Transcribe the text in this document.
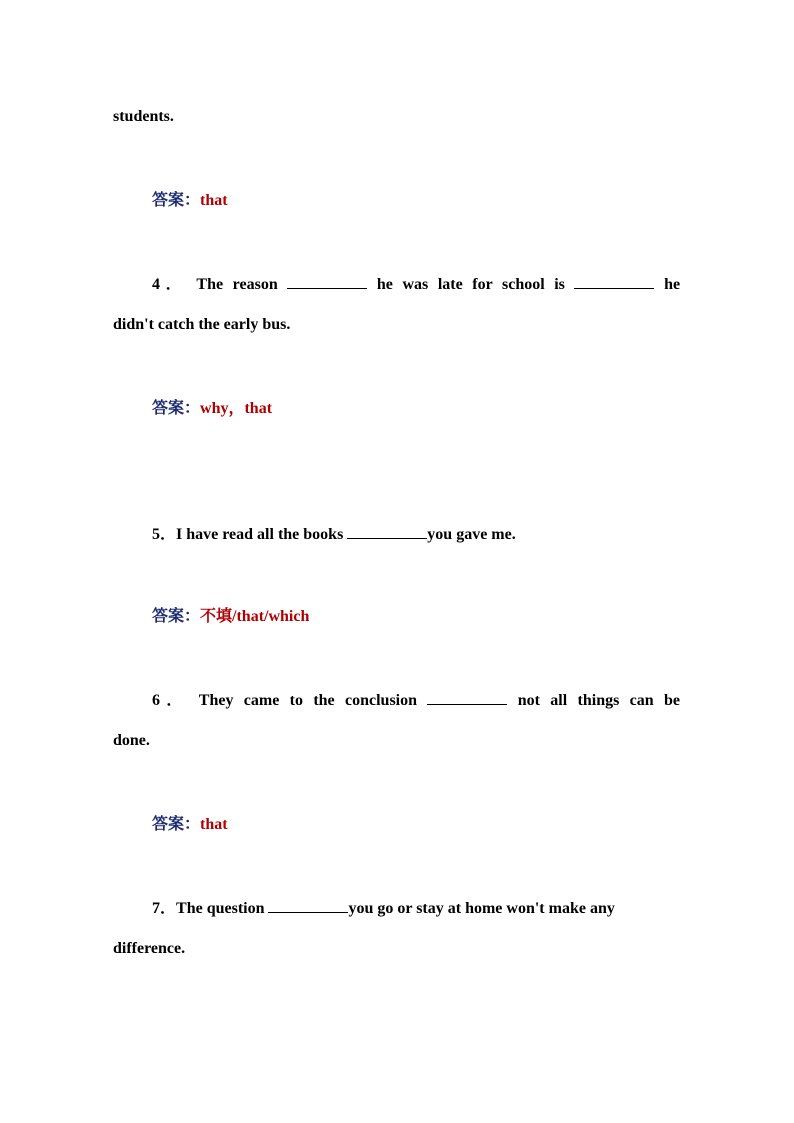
students.
答案：that
4． The reason	he was late for school is	he
didn't catch the early bus.
答案：why，that
5．I have read all the books	you gave me.
答案：不填/that/which
6． They came to the conclusion	not all things can be
done.
答案：that
7．The question	you go or stay at home won't make any
difference.
